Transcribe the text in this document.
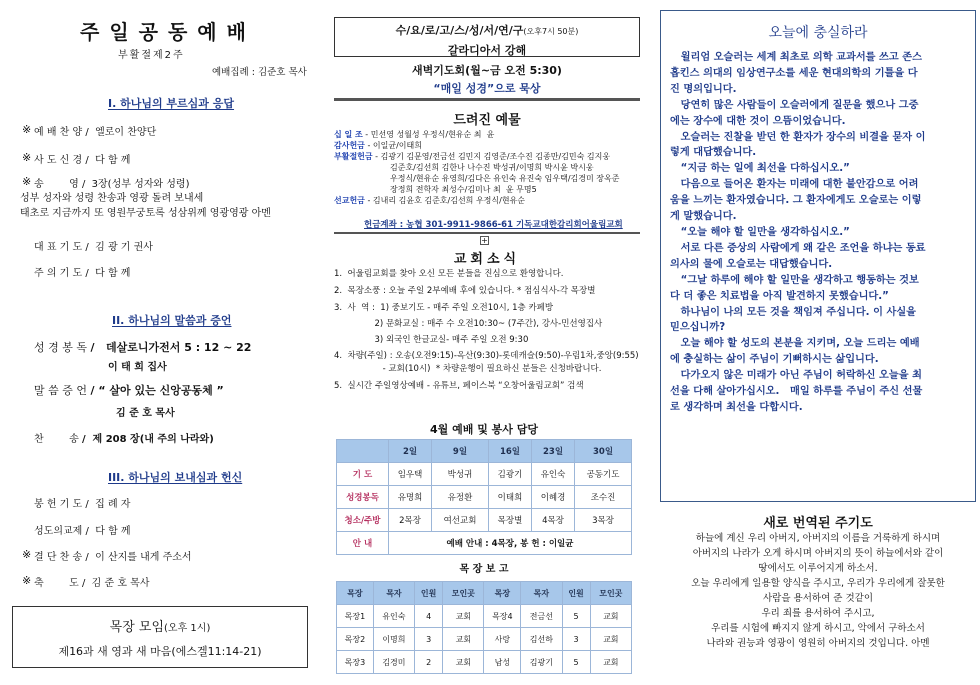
주일공동예배
부활절제2주
예배집례 : 김준호 목사
I. 하나님의 부르심과 응답
※ 예 배 찬 양 /  엘로이 찬양단
※ 사 도 신 경 /  다 함 께
※ 송        영 /  3장(성부 성자와 성령)
성부 성자와 성령 찬송과 영광 돌려 보내세
태초로 지금까지 또 영원무궁토록 성삼위께 영광영광 아멘
대 표 기 도 /  김 광 기 권사
주 의 기 도 /  다 함 께
II. 하나님의 말씀과 증언
성 경 봉 독 /   데살로니가전서 5 : 12 ~ 22
이 태 희 집사
말 씀 증 언 / “ 살아 있는 신앙공동체 ”
김 준 호 목사
찬        송 /  제 208 장(내 주의 나라와)
III. 하나님의 보내심과 헌신
봉 헌 기 도 /  집 례 자
성도의교제 /  다 함 께
※ 결 단 찬 송 /  이 산지를 내게 주소서
※ 축        도 /  김 준 호 목사
목장 모임(오후 1시)
제16과 새 영과 새 마음(에스겔11:14-21)
수/요/로/고/스/성/서/연/구(오후7시 50분)
갈라디아서 강해
새벽기도회(월~금 오전 5:30)
“매일 성경”으로 묵상
드려진 예물
십 일 조 - 민선영 성월성 우정식/현유순 최  윤
감사헌금 - 이일균/이태희
부활절헌금 - 김광기 김문영/전금선 김민지 김영준/조수진 김종만/김민숙 김지웅
김준호/김선희 김한나 나수진 박성귀/이명희 박시윤 박시웅
우정식/현유순 유영희/김다은 유인숙 유진숙 임우택/김경미 장옥준
장정희 전학자 최성수/김미나 최  윤 무명5
선교헌금 - 김내리 김윤호 김준호/김선희 우정식/현유순
헌금계좌 : 농협 301-9911-9866-61 기독교대한감리회어울림교회
+
교회소식
1.  어울림교회를 찾아 오신 모든 분들을 진심으로 환영합니다.
2.  목장소풍 : 오늘 주일 2부예배 후에 있습니다. * 점심식사-각 목장별
3.  사  역 :  1) 중보기도 - 매주 주일 오전10시, 1층 카페방
2) 문화교실 : 매주 수 오전10:30~ (7주간), 강사-민선영집사
3) 외국인 한글교실- 매주 주일 오전 9:30
4.  차량(주일) : 오송(오전9:15)-옥산(9:30)-롯데캐슬(9:50)-우림1차,중앙(9:55)
- 교회(10시)  * 차량운행이 필요하신 분들은 신청바랍니다.
5.  실시간 주일영상예배 - 유튜브, 페이스북 “오창어울림교회” 검색
4월 예배 및 봉사 담당
	2일	9일	16일	23일	30일
기 도	임우택	박성귀	김광기	유인숙	공동기도
성경봉독	유명희	유정환	이태희	이혜경	조수진
청소/주방	2목장	여선교회	목장별	4목장	3목장
안 내	예배 안내 : 4목장, 봉 헌 : 이일균				
목 장 보 고
목장	목자	인원	모인곳	목장	목자	인원	모인곳
목장1	유인숙	4	교회	목장4	전금선	5	교회
목장2	이명희	3	교회	사랑	김선하	3	교회
목장3	김경미	2	교회	남성	김광기	5	교회
오늘에 충실하라
윌리엄 오슬러는 세계 최초로 의학 교과서를 쓰고 존스
홉킨스 의대의 임상연구소를 세운 현대의학의 기틀을 다
진 명의입니다.
당연히 많은 사람들이 오슬러에게 질문을 했으나 그중
에는 장수에 대한 것이 으뜸이었습니다.
오슬러는 진찰을 받던 한 환자가 장수의 비결을 묻자 이
렇게 대답했습니다.
“지금 하는 일에 최선을 다하십시오.”
다음으로 들어온 환자는 미래에 대한 불안감으로 어려
움을 느끼는 환자였습니다. 그 환자에게도 오슬로는 이렇
게 말했습니다.
“오늘 해야 할 일만을 생각하십시오.”
서로 다른 증상의 사람에게 왜 같은 조언을 하냐는 동료
의사의 물에 오슬로는 대답했습니다.
“그날 하루에 해야 할 일만을 생각하고 행동하는 것보
다 더 좋은 치료법을 아직 발견하지 못했습니다.”
하나님이 나의 모든 것을 책임져 주십니다. 이 사실을
믿으십니까?
오늘 해야 할 성도의 본분을 지키며, 오늘 드리는 예배
에 충실하는 삶이 주님이 기뻐하시는 삶입니다.
다가오지 않은 미래가 아닌 주님이 허락하신 오늘을 최
선을 다해 살아가십시오.   매일 하루를 주님이 주신 선물
로 생각하며 최선을 다합시다.
새로 번역된 주기도
하늘에 계신 우리 아버지, 아버지의 이름을 거룩하게 하시며
아버지의 나라가 오게 하시며 아버지의 뜻이 하늘에서와 같이
땅에서도 이루어지게 하소서.
오늘 우리에게 일용할 양식을 주시고, 우리가 우리에게 잘못한
사람을 용서하여 준 것같이
우리 죄를 용서하여 주시고,
우리를 시험에 빠지지 않게 하시고, 악에서 구하소서
나라와 권능과 영광이 영원히 아버지의 것입니다. 아멘
